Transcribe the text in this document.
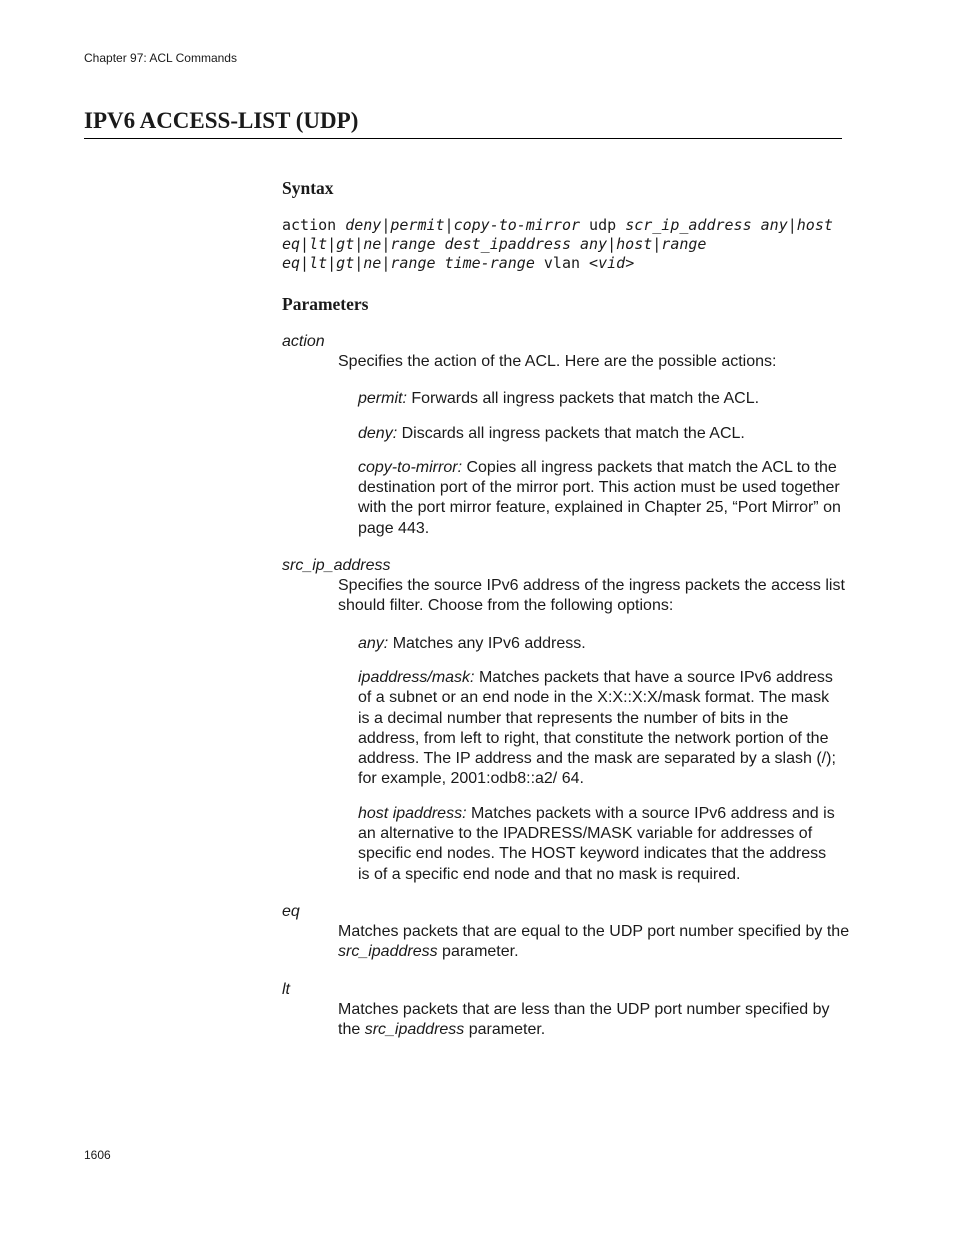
Chapter 97: ACL Commands
IPV6 ACCESS-LIST (UDP)
Syntax
action deny|permit|copy-to-mirror udp scr_ip_address any|host eq|lt|gt|ne|range dest_ipaddress any|host|range eq|lt|gt|ne|range time-range vlan <vid>
Parameters
action
Specifies the action of the ACL. Here are the possible actions:
permit: Forwards all ingress packets that match the ACL.
deny: Discards all ingress packets that match the ACL.
copy-to-mirror: Copies all ingress packets that match the ACL to the destination port of the mirror port. This action must be used together with the port mirror feature, explained in Chapter 25, “Port Mirror” on page 443.
src_ip_address
Specifies the source IPv6 address of the ingress packets the access list should filter. Choose from the following options:
any: Matches any IPv6 address.
ipaddress/mask: Matches packets that have a source IPv6 address of a subnet or an end node in the X:X::X:X/mask format. The mask is a decimal number that represents the number of bits in the address, from left to right, that constitute the network portion of the address. The IP address and the mask are separated by a slash (/); for example, 2001:odb8::a2/ 64.
host ipaddress: Matches packets with a source IPv6 address and is an alternative to the IPADRESS/MASK variable for addresses of specific end nodes. The HOST keyword indicates that the address is of a specific end node and that no mask is required.
eq
Matches packets that are equal to the UDP port number specified by the src_ipaddress parameter.
lt
Matches packets that are less than the UDP port number specified by the src_ipaddress parameter.
1606
